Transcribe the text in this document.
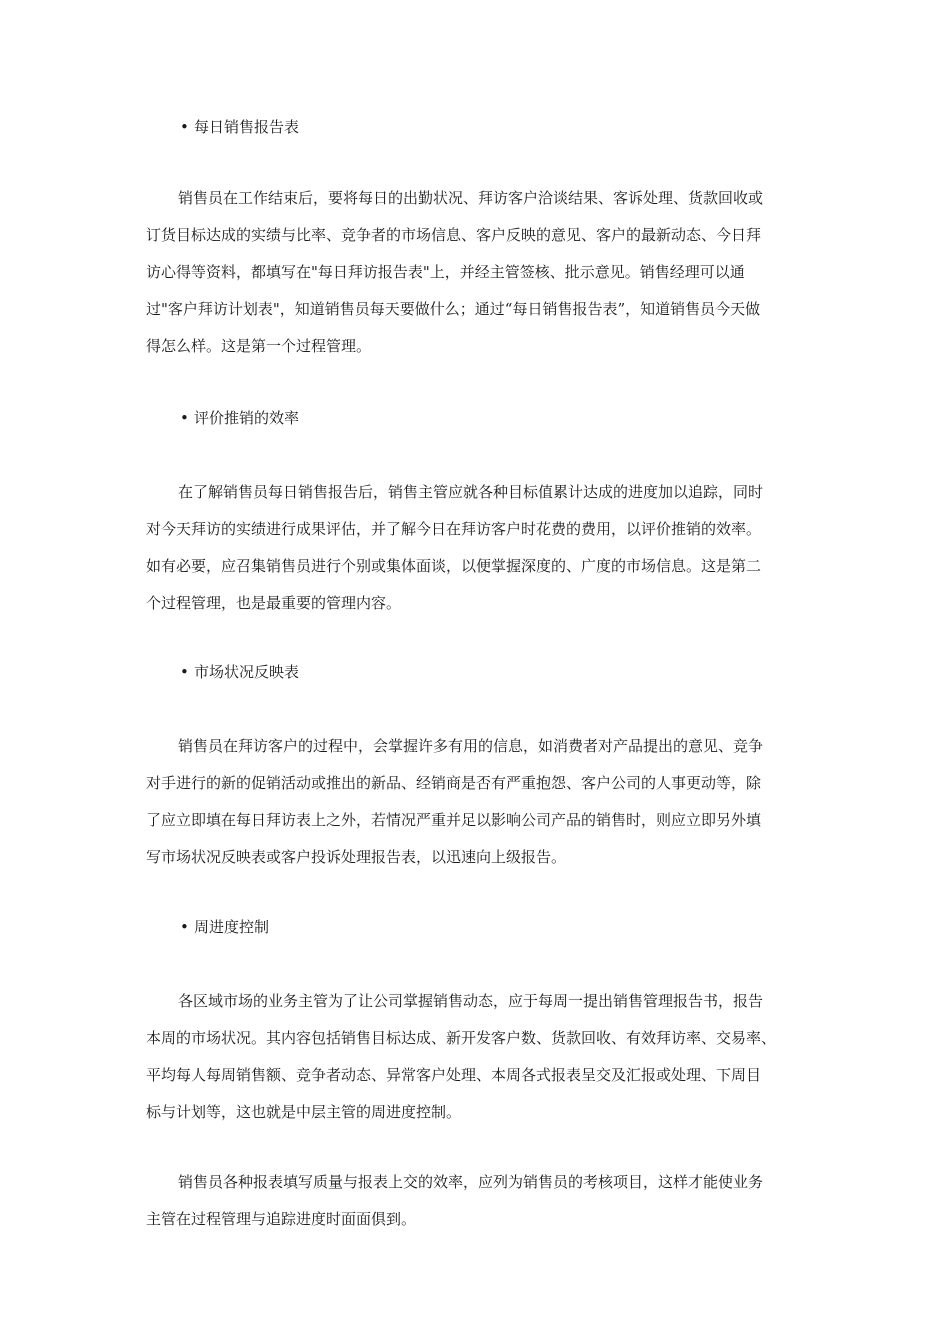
• 每日销售报告表
销售员在工作结束后，要将每日的出勤状况、拜访客户洽谈结果、客诉处理、货款回收或
订货目标达成的实绩与比率、竞争者的市场信息、客户反映的意见、客户的最新动态、今日拜
访心得等资料，都填写在"每日拜访报告表"上，并经主管签核、批示意见。销售经理可以通
过"客户拜访计划表"，知道销售员每天要做什么；通过“每日销售报告表”，知道销售员今天做
得怎么样。这是第一个过程管理。
• 评价推销的效率
在了解销售员每日销售报告后，销售主管应就各种目标值累计达成的进度加以追踪，同时
对今天拜访的实绩进行成果评估，并了解今日在拜访客户时花费的费用，以评价推销的效率。
如有必要，应召集销售员进行个别或集体面谈，以便掌握深度的、广度的市场信息。这是第二
个过程管理，也是最重要的管理内容。
• 市场状况反映表
销售员在拜访客户的过程中，会掌握许多有用的信息，如消费者对产品提出的意见、竞争
对手进行的新的促销活动或推出的新品、经销商是否有严重抱怨、客户公司的人事更动等，除
了应立即填在每日拜访表上之外，若情况严重并足以影响公司产品的销售时，则应立即另外填
写市场状况反映表或客户投诉处理报告表，以迅速向上级报告。
• 周进度控制
各区域市场的业务主管为了让公司掌握销售动态，应于每周一提出销售管理报告书，报告
本周的市场状况。其内容包括销售目标达成、新开发客户数、货款回收、有效拜访率、交易率、
平均每人每周销售额、竞争者动态、异常客户处理、本周各式报表呈交及汇报或处理、下周目
标与计划等，这也就是中层主管的周进度控制。
销售员各种报表填写质量与报表上交的效率，应列为销售员的考核项目，这样才能使业务
主管在过程管理与追踪进度时面面俱到。
